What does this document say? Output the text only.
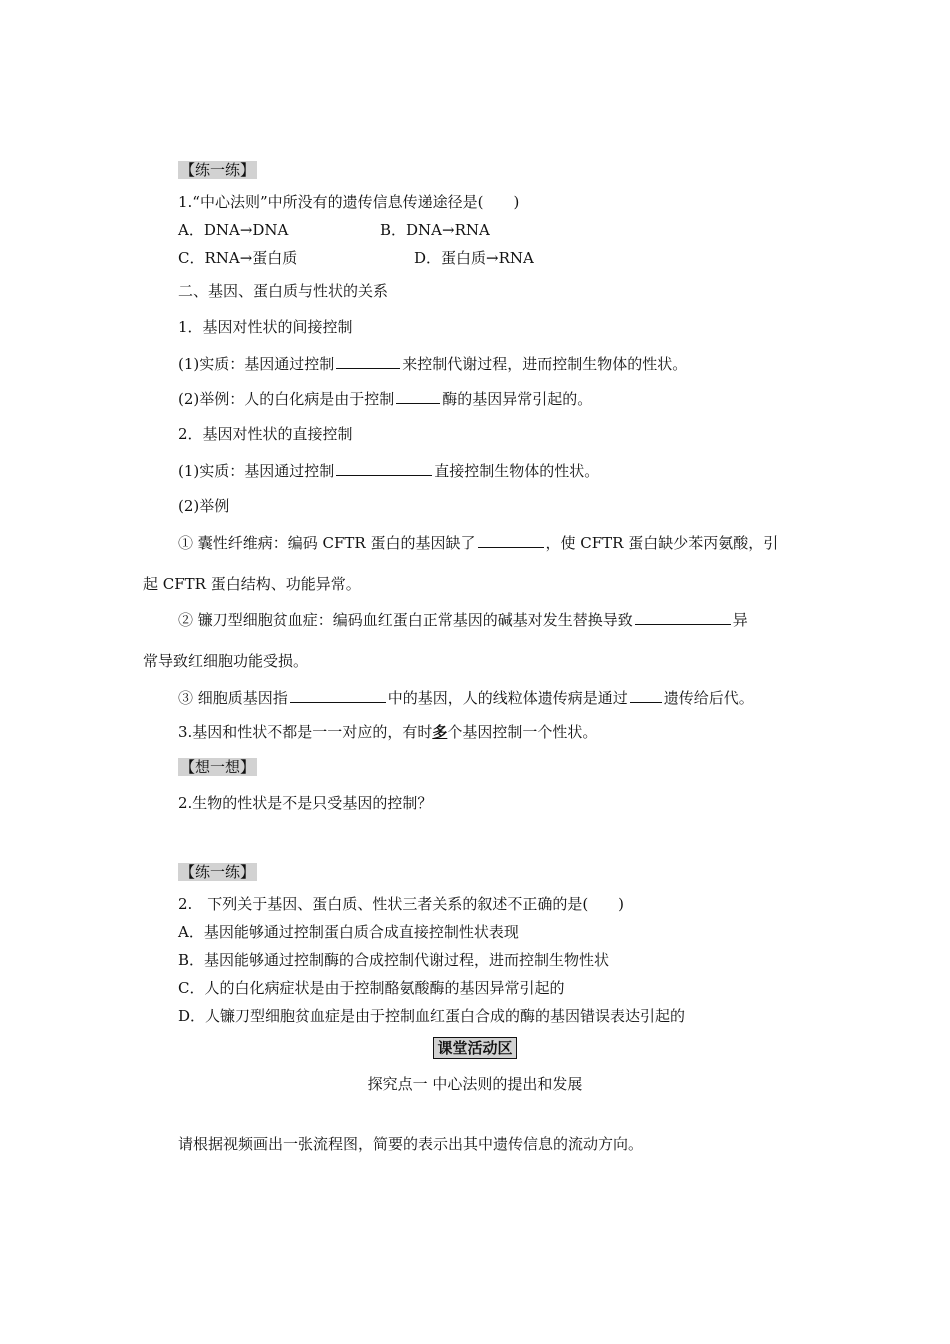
【练一练】
1.“中心法则”中所没有的遗传信息传递途径是(　　)
A．DNA→DNA	B．DNA→RNA
C．RNA→蛋白质	D．蛋白质→RNA
二、基因、蛋白质与性状的关系
1．基因对性状的间接控制
(1)实质：基因通过控制	来控制代谢过程，进而控制生物体的性状。
(2)举例：人的白化病是由于控制	酶的基因异常引起的。
2．基因对性状的直接控制
(1)实质：基因通过控制	直接控制生物体的性状。
(2)举例
① 囊性纤维病：编码 CFTR 蛋白的基因缺了	，使 CFTR 蛋白缺少苯丙氨酸，引
起 CFTR 蛋白结构、功能异常。
② 镰刀型细胞贫血症：编码血红蛋白正常基因的碱基对发生替换导致	异
常导致红细胞功能受损。
③ 细胞质基因指	中的基因，人的线粒体遗传病是通过 遗传给后代。
3.基因和性状不都是一一对应的，有时多个基因控制一个性状。
【想一想】
2.生物的性状是不是只受基因的控制？
【练一练】
2.　下列关于基因、蛋白质、性状三者关系的叙述不正确的是(　　)
A．基因能够通过控制蛋白质合成直接控制性状表现
B．基因能够通过控制酶的合成控制代谢过程，进而控制生物性状
C．人的白化病症状是由于控制酪氨酸酶的基因异常引起的
D．人镰刀型细胞贫血症是由于控制血红蛋白合成的酶的基因错误表达引起的
课堂活动区
探究点一 中心法则的提出和发展
请根据视频画出一张流程图，简要的表示出其中遗传信息的流动方向。
